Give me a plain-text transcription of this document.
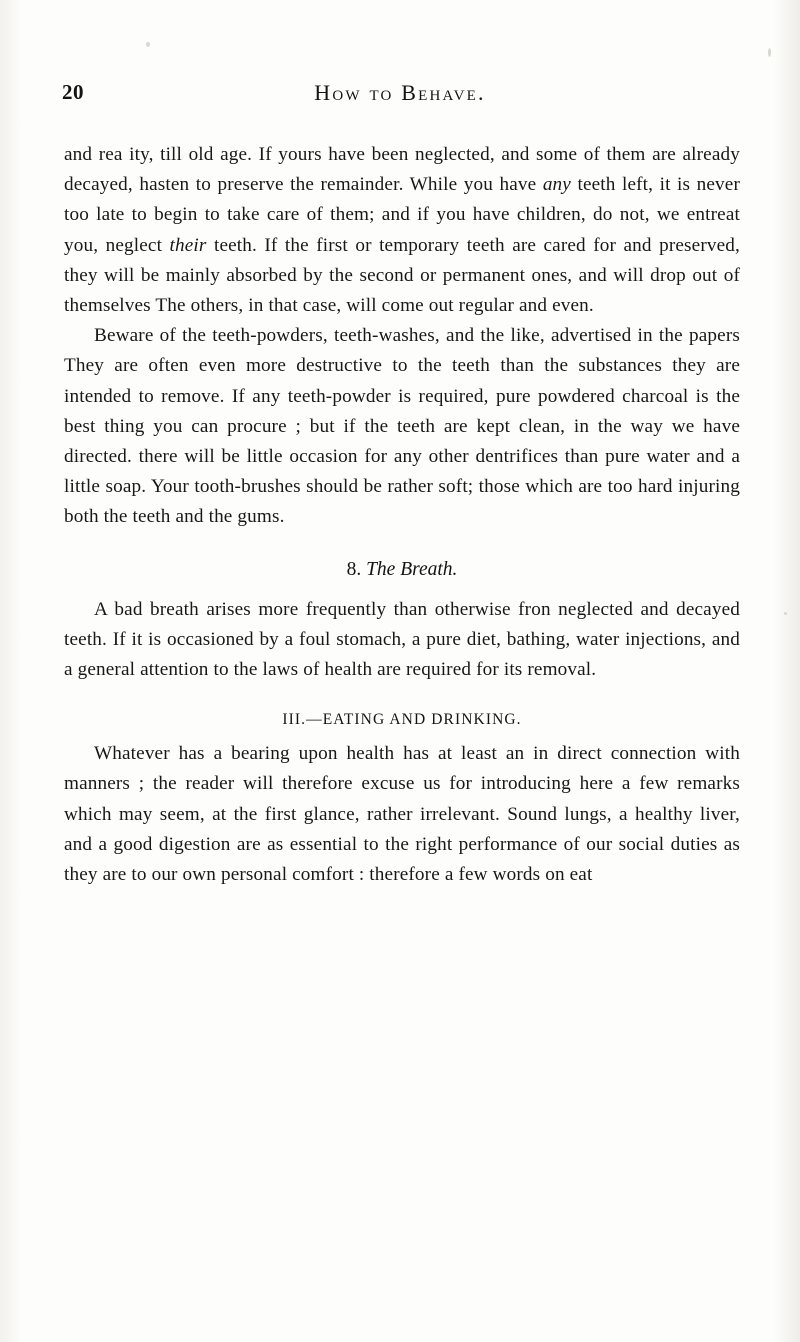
20	How to Behave.

and rea ity, till old age. If yours have been neglected, and some of them are already decayed, hasten to preserve the remainder. While you have any teeth left, it is never too late to begin to take care of them; and if you have children, do not, we entreat you, neglect their teeth. If the first or temporary teeth are cared for and preserved, they will be mainly absorbed by the second or permanent ones, and will drop out of themselves The others, in that case, will come out regular and even.

Beware of the teeth-powders, teeth-washes, and the like, advertised in the papers They are often even more destructive to the teeth than the substances they are intended to remove. If any teeth-powder is required, pure powdered charcoal is the best thing you can procure ; but if the teeth are kept clean, in the way we have directed. there will be little occasion for any other dentrifices than pure water and a little soap. Your tooth-brushes should be rather soft; those which are too hard injuring both the teeth and the gums.

8. The Breath.

A bad breath arises more frequently than otherwise fron neglected and decayed teeth. If it is occasioned by a foul stomach, a pure diet, bathing, water injections, and a general attention to the laws of health are required for its removal.

III.—EATING AND DRINKING.

Whatever has a bearing upon health has at least an in direct connection with manners ; the reader will therefore excuse us for introducing here a few remarks which may seem, at the first glance, rather irrelevant. Sound lungs, a healthy liver, and a good digestion are as essential to the right performance of our social duties as they are to our own personal comfort : therefore a few words on eat
